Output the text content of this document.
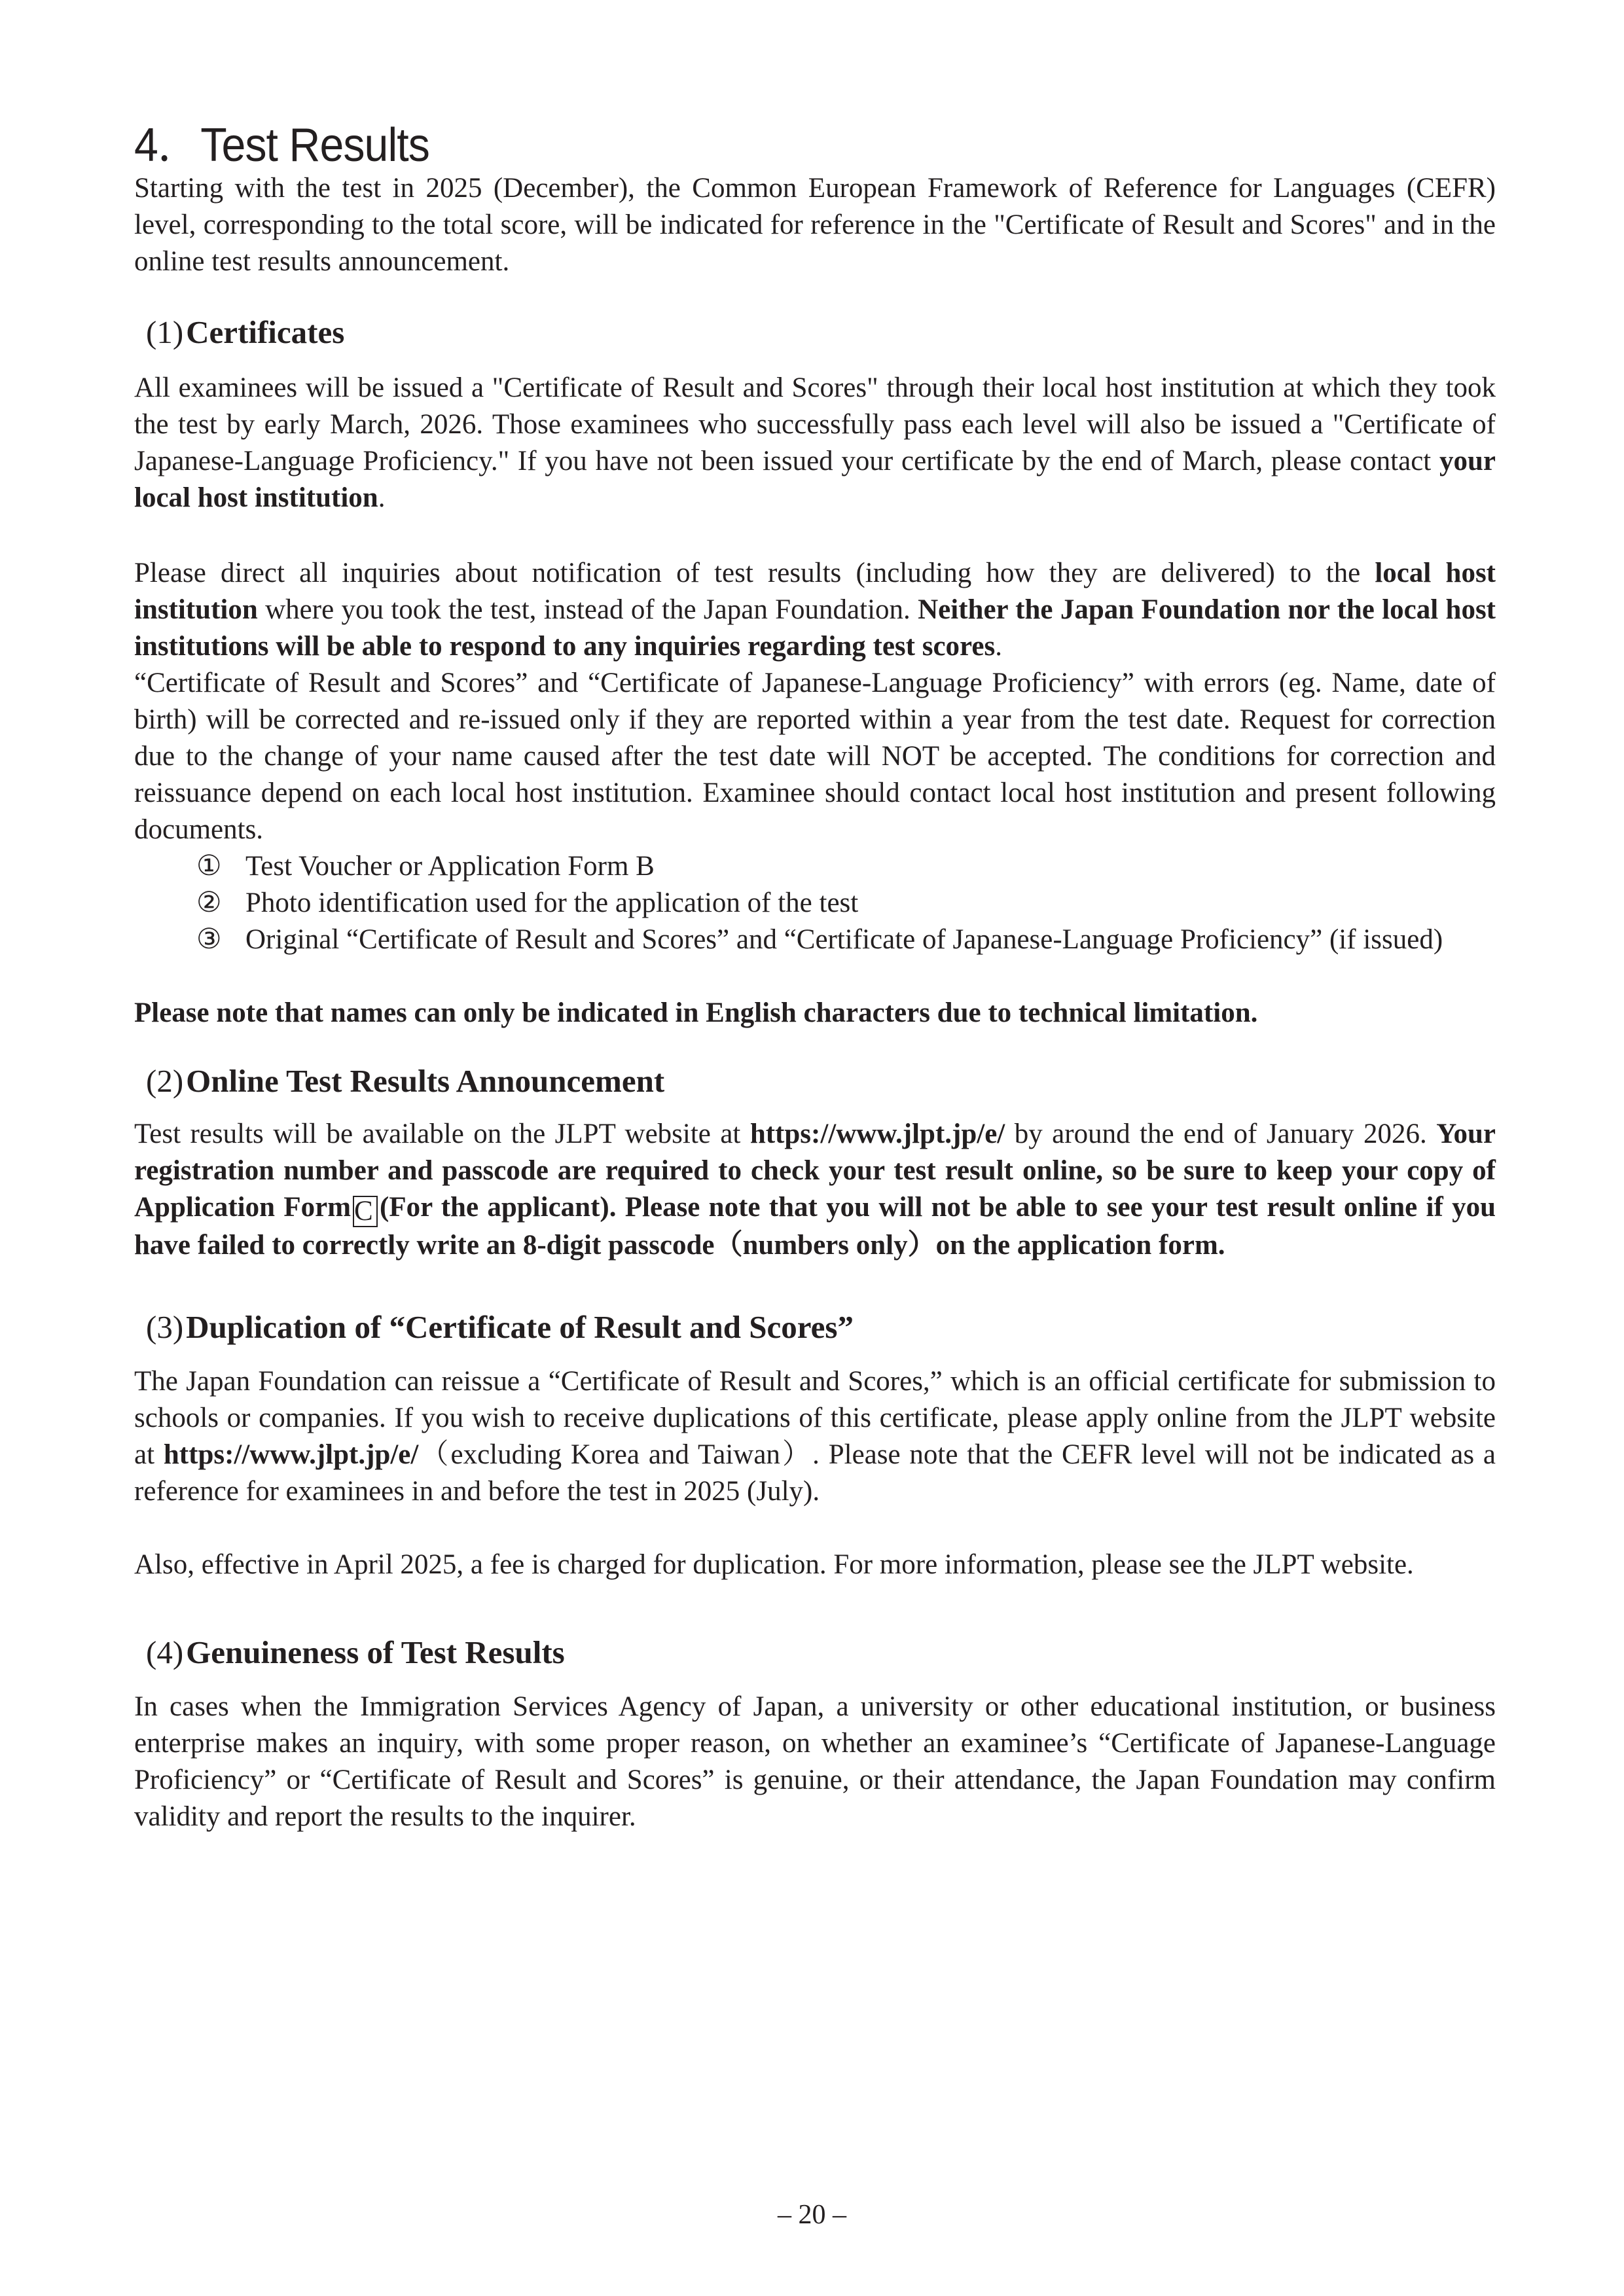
4．Test Results
Starting with the test in 2025 (December), the Common European Framework of Reference for Languages (CEFR) level, corresponding to the total score, will be indicated for reference in the "Certificate of Result and Scores" and in the online test results announcement.
(1)Certificates
All examinees will be issued a "Certificate of Result and Scores" through their local host institution at which they took the test by early March, 2026. Those examinees who successfully pass each level will also be issued a "Certificate of Japanese-Language Proficiency." If you have not been issued your certificate by the end of March, please contact your local host institution.
Please direct all inquiries about notification of test results (including how they are delivered) to the local host institution where you took the test, instead of the Japan Foundation. Neither the Japan Foundation nor the local host institutions will be able to respond to any inquiries regarding test scores.
“Certificate of Result and Scores” and “Certificate of Japanese-Language Proficiency” with errors (eg. Name, date of birth) will be corrected and re-issued only if they are reported within a year from the test date. Request for correction due to the change of your name caused after the test date will NOT be accepted. The conditions for correction and reissuance depend on each local host institution. Examinee should contact local host institution and present following documents.
① Test Voucher or Application Form B
② Photo identification used for the application of the test
③ Original “Certificate of Result and Scores” and “Certificate of Japanese-Language Proficiency” (if issued)
Please note that names can only be indicated in English characters due to technical limitation.
(2)Online Test Results Announcement
Test results will be available on the JLPT website at https://www.jlpt.jp/e/ by around the end of January 2026. Your registration number and passcode are required to check your test result online, so be sure to keep your copy of Application Form C (For the applicant). Please note that you will not be able to see your test result online if you have failed to correctly write an 8-digit passcode（numbers only）on the application form.
(3)Duplication of “Certificate of Result and Scores”
The Japan Foundation can reissue a “Certificate of Result and Scores,” which is an official certificate for submission to schools or companies. If you wish to receive duplications of this certificate, please apply online from the JLPT website at https://www.jlpt.jp/e/（excluding Korea and Taiwan）. Please note that the CEFR level will not be indicated as a reference for examinees in and before the test in 2025 (July).
Also, effective in April 2025, a fee is charged for duplication. For more information, please see the JLPT website.
(4)Genuineness of Test Results
In cases when the Immigration Services Agency of Japan, a university or other educational institution, or business enterprise makes an inquiry, with some proper reason, on whether an examinee’s “Certificate of Japanese-Language Proficiency” or “Certificate of Result and Scores” is genuine, or their attendance, the Japan Foundation may confirm validity and report the results to the inquirer.
– 20 –
